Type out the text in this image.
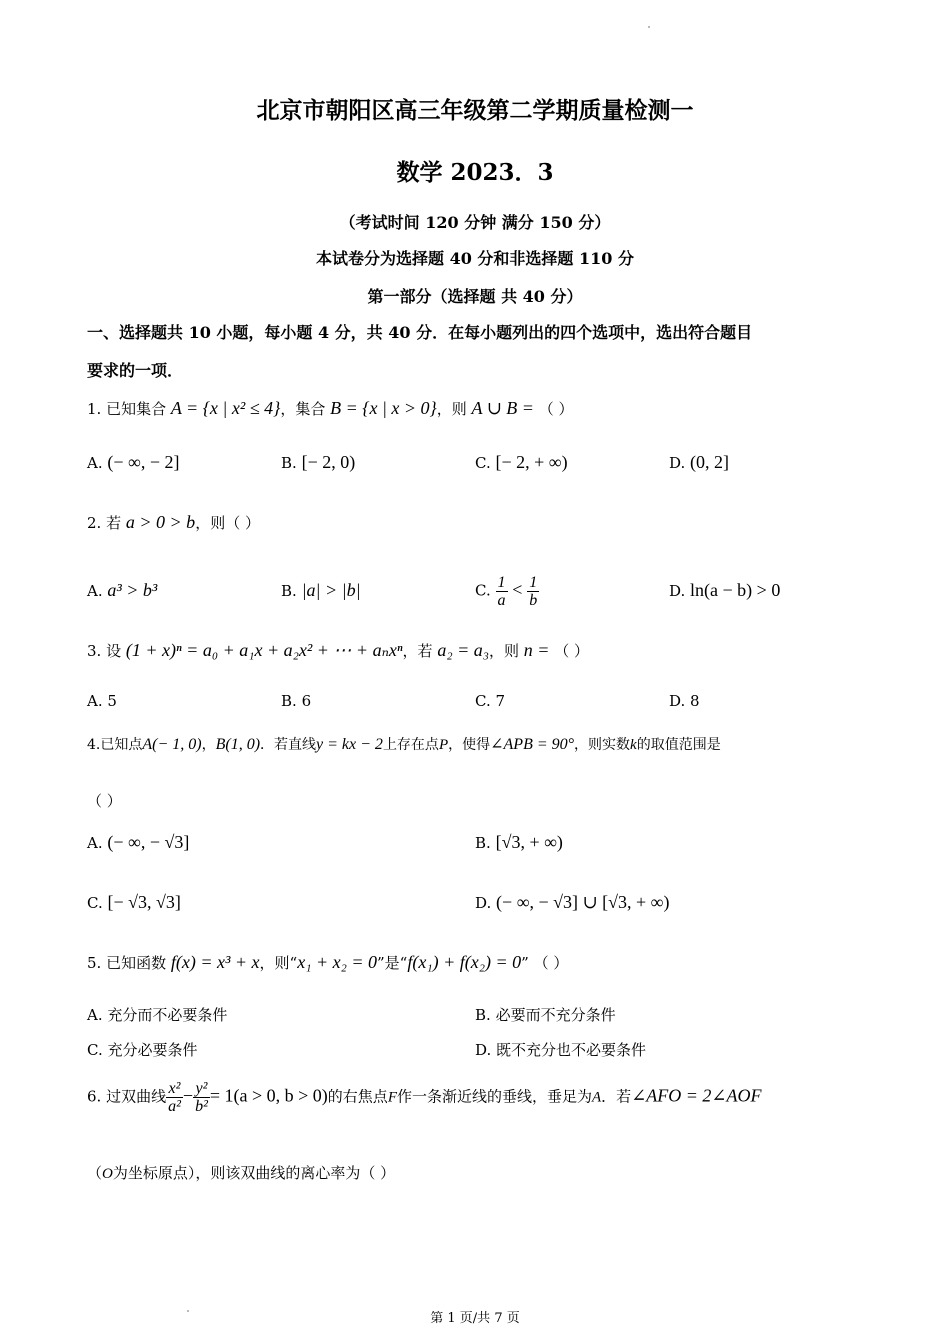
北京市朝阳区高三年级第二学期质量检测一
数学 2023．3
（考试时间 120 分钟 满分 150 分）
本试卷分为选择题 40 分和非选择题 110 分
第一部分（选择题 共 40 分）
一、选择题共 10 小题，每小题 4 分，共 40 分．在每小题列出的四个选项中，选出符合题目
要求的一项．
1. 已知集合 A = {x | x² ≤ 4}，集合 B = {x | x > 0}，则 A ∪ B = （ ）
A. (− ∞, − 2]	B. [− 2, 0)	C. [− 2, + ∞)	D. (0, 2]
2. 若 a > 0 > b，则（ ）
A. a³ > b³	B. |a| > |b|	C. $\frac{1}{a} < \frac{1}{b}$	D. ln(a − b) > 0
3. 设 (1 + x)ⁿ = a₀ + a₁x + a₂x² + ⋯ + aₙxⁿ，若 a₂ = a₃，则 n = （ ）
A. 5	B. 6	C. 7	D. 8
4.已知点A(− 1, 0)，B(1, 0)．若直线y = kx − 2上存在点P，使得∠APB = 90°，则实数k的取值范围是
（ ）
A. (− ∞, − √3]	B. [√3, + ∞)
C. [− √3, √3]	D. (− ∞, − √3] ∪ [√3, + ∞)
5. 已知函数 f(x) = x³ + x，则“x₁ + x₂ = 0”是“f(x₁) + f(x₂) = 0” （ ）
A. 充分而不必要条件	B. 必要而不充分条件
C. 充分必要条件	D. 既不充分也不必要条件
6. 过双曲线 $\frac{\text{x²}}{\text{a²}} - \frac{\text{y²}}{\text{b²}} = 1(a > 0$, b > 0)的右焦点F作一条渐近线的垂线，垂足为A．若∠AFO = 2∠AOF
（O为坐标原点），则该双曲线的离心率为（ ）
第 1 页/共 7 页
